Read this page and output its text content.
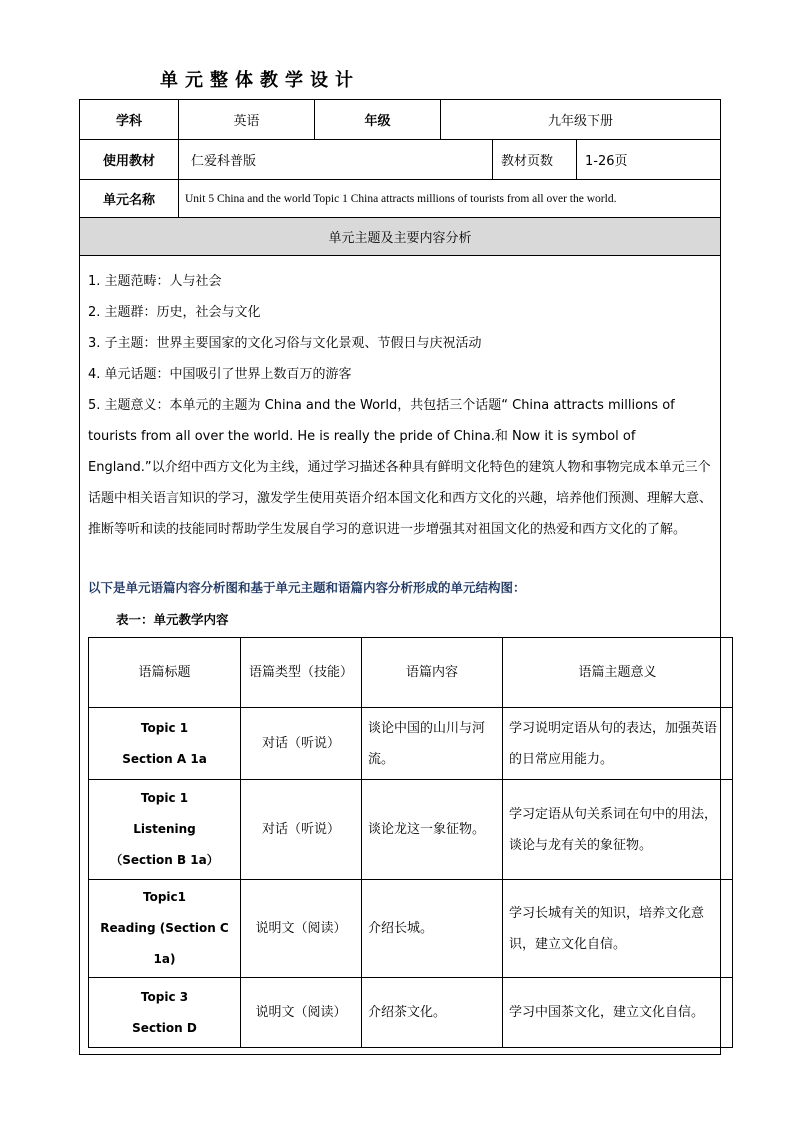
单元整体教学设计
学科	英语	年级	九年级下册
使用教材	仁爱科普版	教材页数	1-26页
单元名称	Unit 5 China and the world Topic 1 China attracts millions of tourists from all over the world.
单元主题及主要内容分析

1. 主题范畴：人与社会

2. 主题群：历史，社会与文化

3. 子主题：世界主要国家的文化习俗与文化景观、节假日与庆祝活动

4. 单元话题：中国吸引了世界上数百万的游客

5. 主题意义：本单元的主题为 China and the World，共包括三个话题“ China attracts millions of tourists from all over the world. He is really the pride of China.和 Now it is symbol of England.”以介绍中西方文化为主线，通过学习描述各种具有鲜明文化特色的建筑人物和事物完成本单元三个话题中相关语言知识的学习，激发学生使用英语介绍本国文化和西方文化的兴趣，培养他们预测、理解大意、推断等听和读的技能同时帮助学生发展自学习的意识进一步增强其对祖国文化的热爱和西方文化的了解。

以下是单元语篇内容分析图和基于单元主题和语篇内容分析形成的单元结构图：
表一：单元教学内容
语篇标题	语篇类型（技能）	语篇内容	语篇主题意义
Topic 1
Section A 1a	对话（听说）	谈论中国的山川与河流。	学习说明定语从句的表达，加强英语的日常应用能力。
Topic 1
Listening
（Section B 1a）	对话（听说）	谈论龙这一象征物。	学习定语从句关系词在句中的用法，谈论与龙有关的象征物。
Topic1
Reading (Section C 1a)	说明文（阅读）	介绍长城。	学习长城有关的知识，培养文化意识，建立文化自信。
Topic 3
Section D	说明文（阅读）	介绍茶文化。	学习中国茶文化，建立文化自信。
